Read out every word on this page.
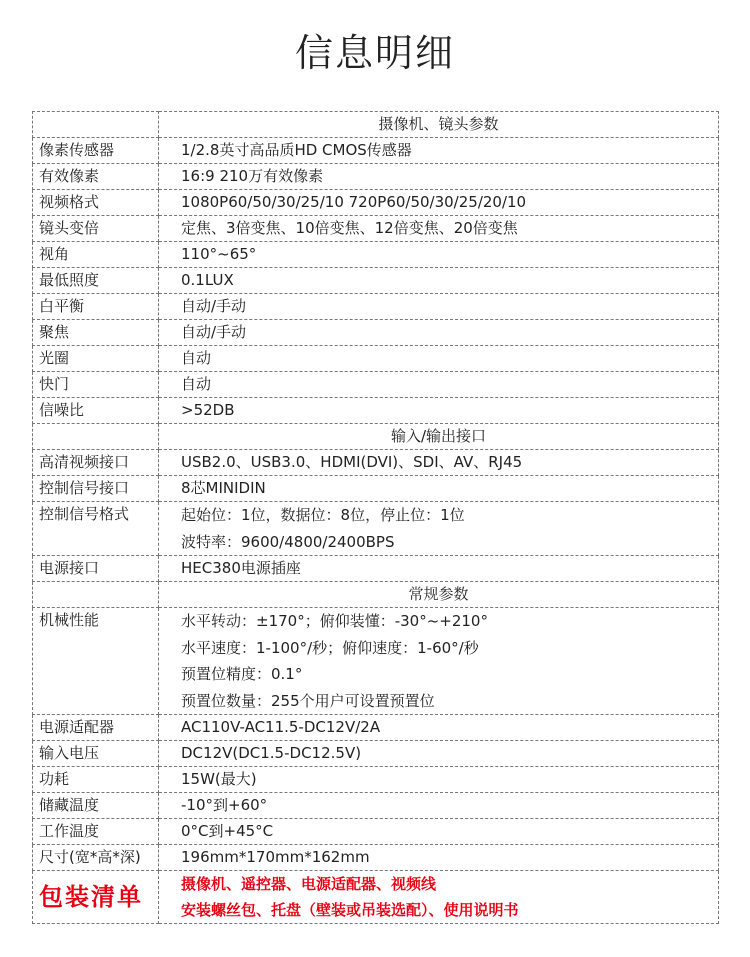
信息明细
	摄像机、镜头参数
像素传感器	1/2.8英寸高品质HD CMOS传感器
有效像素	16:9 210万有效像素
视频格式	1080P60/50/30/25/10 720P60/50/30/25/20/10
镜头变倍	定焦、3倍变焦、10倍变焦、12倍变焦、20倍变焦
视角	110°~65°
最低照度	0.1LUX
白平衡	自动/手动
聚焦	自动/手动
光圈	自动
快门	自动
信噪比	>52DB
	输入/输出接口
高清视频接口	USB2.0、USB3.0、HDMI(DVI)、SDI、AV、RJ45
控制信号接口	8芯MINIDIN
控制信号格式	起始位：1位，数据位：8位，停止位：1位
波特率：9600/4800/2400BPS

电源接口	HEC380电源插座
	常规参数
机械性能	水平转动：±170°；俯仰装懂：-30°~+210°
水平速度：1-100°/秒；俯仰速度：1-60°/秒
预置位精度：0.1°
预置位数量：255个用户可设置预置位

电源适配器	AC110V-AC11.5-DC12V/2A
输入电压	DC12V(DC1.5-DC12.5V)
功耗	15W(最大)
储藏温度	-10°到+60°
工作温度	0°C到+45°C
尺寸(宽*高*深)	196mm*170mm*162mm
包装清单	摄像机、遥控器、电源适配器、视频线
安装螺丝包、托盘（壁装或吊装选配）、使用说明书
